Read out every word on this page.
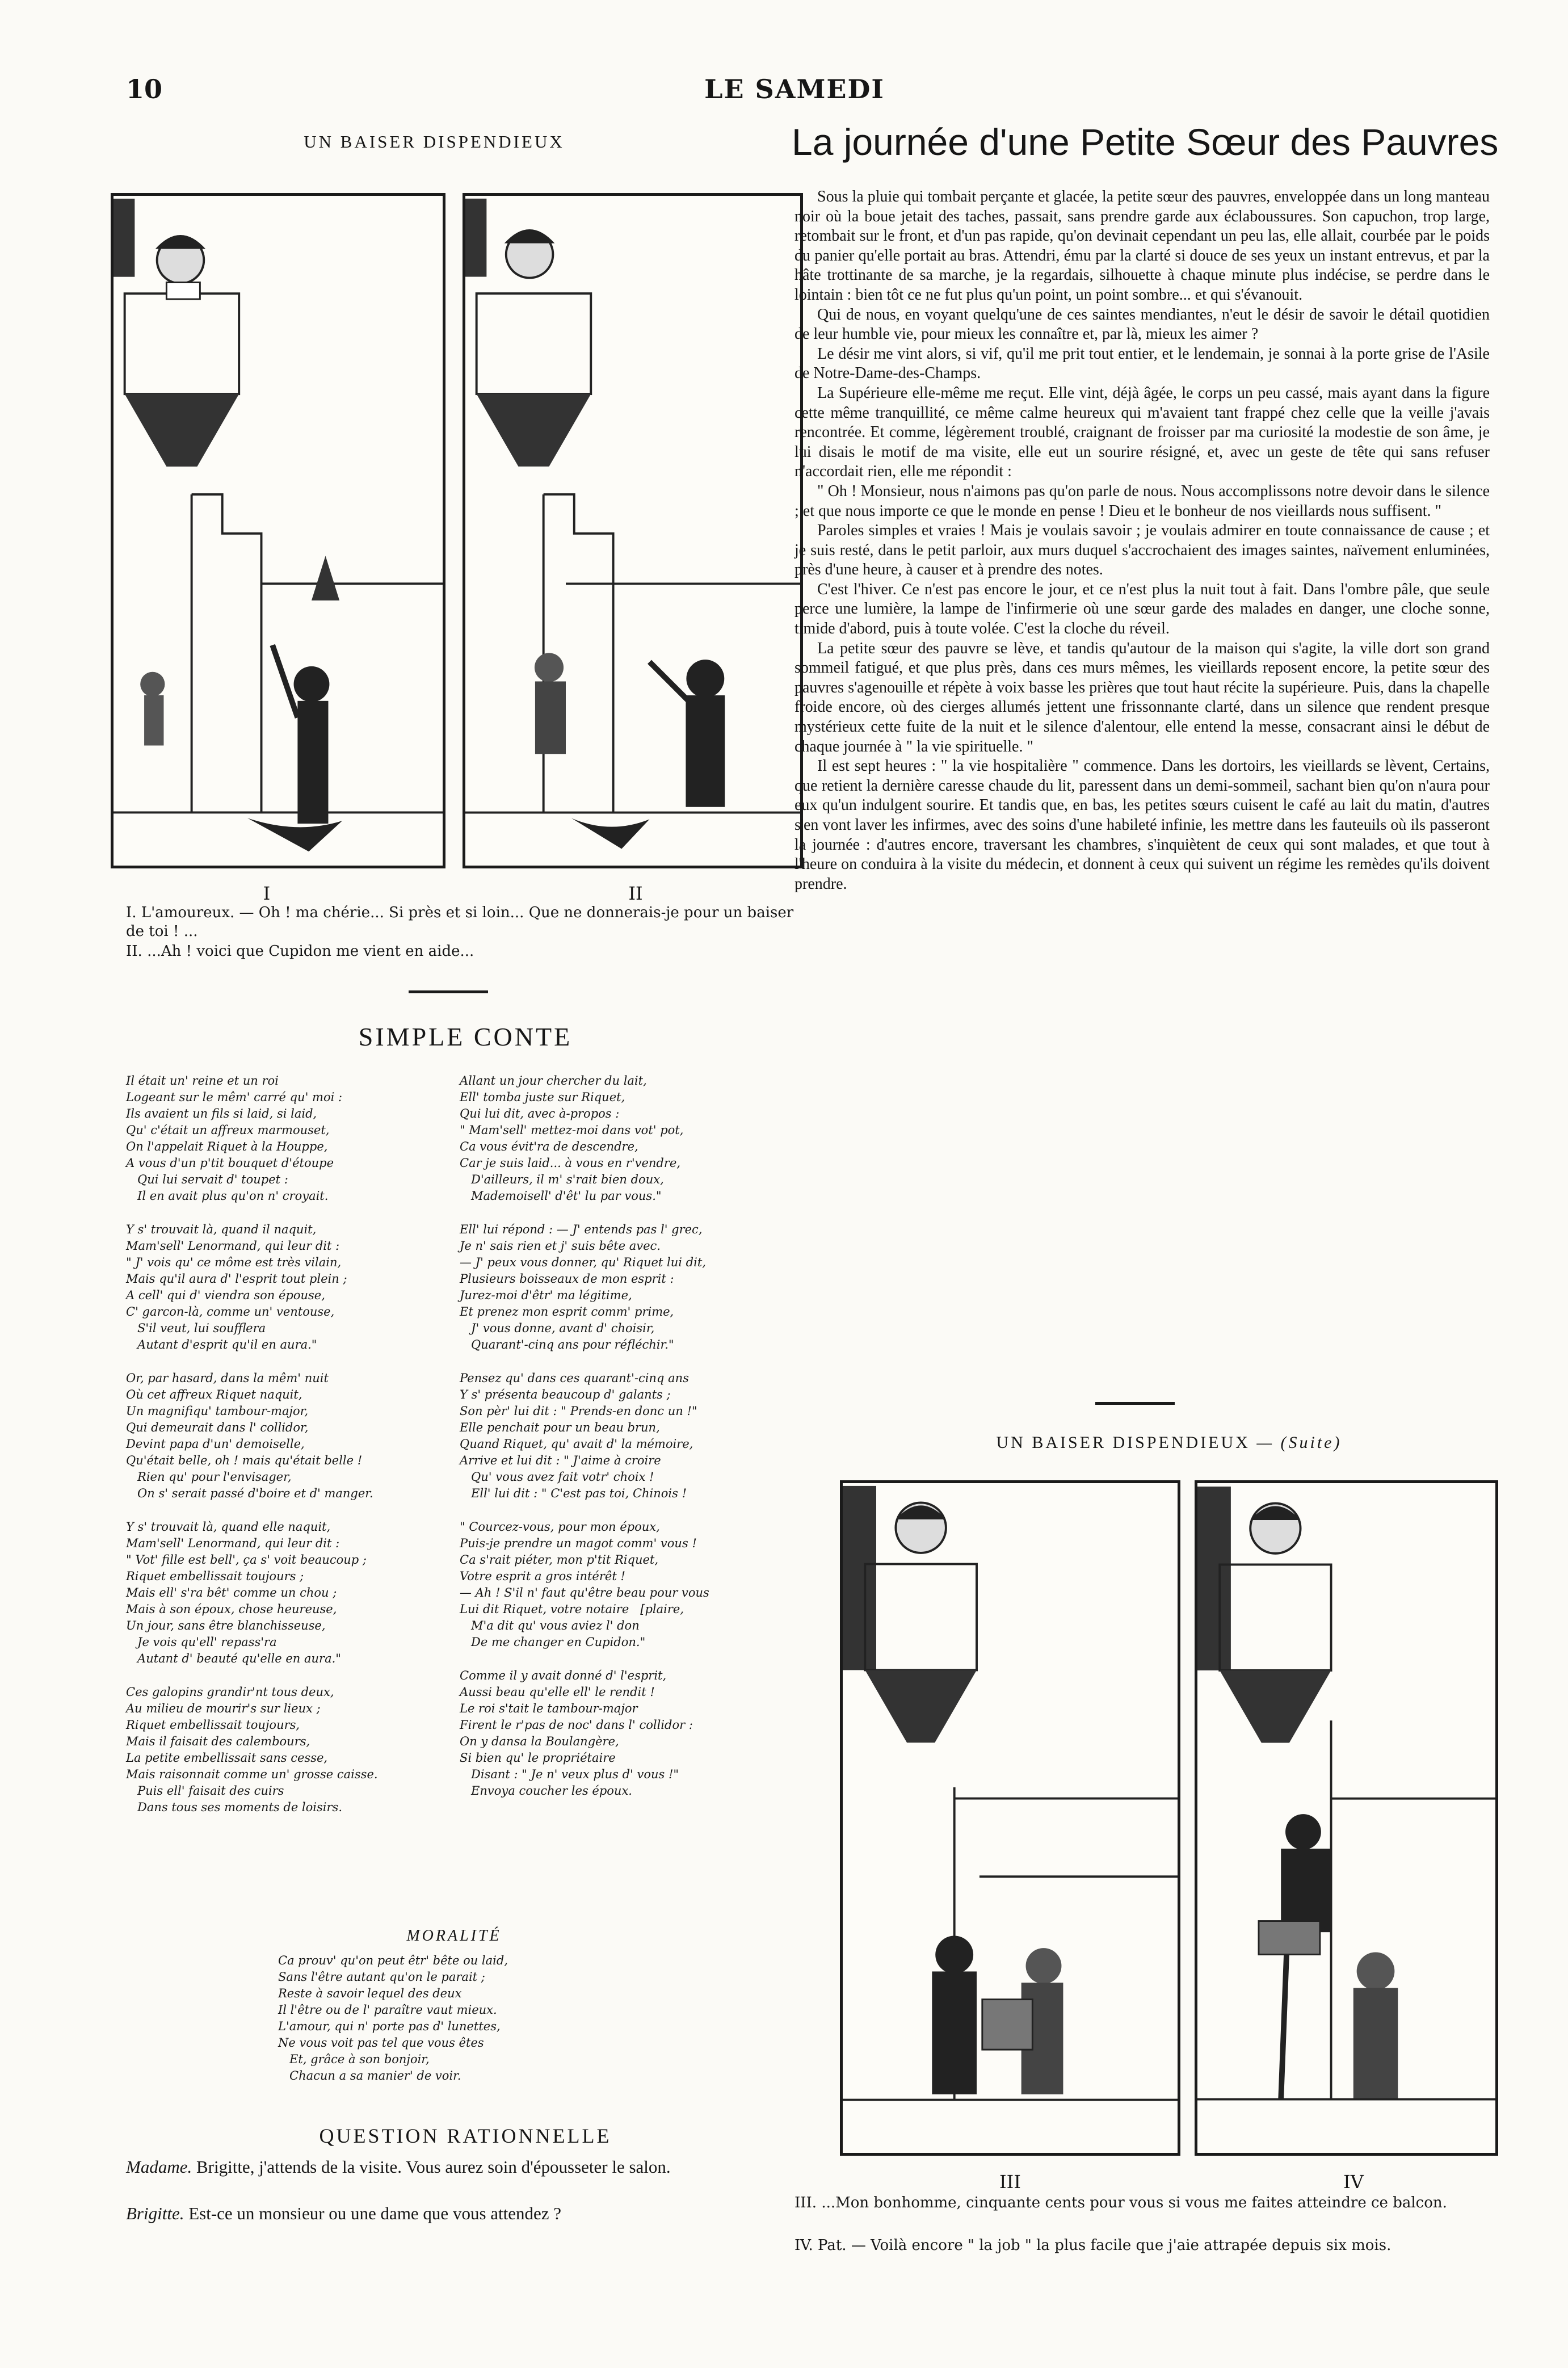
10	LE SAMEDI
UN BAISER DISPENDIEUX
I	II
I. L'amoureux. — Oh ! ma chérie... Si près et si loin... Que ne donnerais-je pour un baiser de toi ! ...
II. ...Ah ! voici que Cupidon me vient en aide...
SIMPLE CONTE
Il était un' reine et un roi
Logeant sur le mêm' carré qu' moi :
Ils avaient un fils si laid, si laid,
Qu' c'était un affreux marmouset,
On l'appelait Riquet à la Houppe,
A vous d'un p'tit bouquet d'étoupe
Qui lui servait d' toupet :
Il en avait plus qu'on n' croyait.
Y s' trouvait là, quand il naquit,
Mam'sell' Lenormand, qui leur dit :
" J' vois qu' ce môme est très vilain,
Mais qu'il aura d' l'esprit tout plein ;
A cell' qui d' viendra son épouse,
C' garcon-là, comme un' ventouse,
S'il veut, lui soufflera
Autant d'esprit qu'il en aura."
Or, par hasard, dans la mêm' nuit
Où cet affreux Riquet naquit,
Un magnifiqu' tambour-major,
Qui demeurait dans l' collidor,
Devint papa d'un' demoiselle,
Qu'était belle, oh ! mais qu'était belle !
Rien qu' pour l'envisager,
On s' serait passé d'boire et d' manger.
Y s' trouvait là, quand elle naquit,
Mam'sell' Lenormand, qui leur dit :
" Vot' fille est bell', ça s' voit beaucoup ;
Riquet embellissait toujours ;
Mais ell' s'ra bêt' comme un chou ;
Mais à son époux, chose heureuse,
Un jour, sans être blanchisseuse,
Je vois qu'ell' repass'ra
Autant d' beauté qu'elle en aura."
Ces galopins grandir'nt tous deux,
Au milieu de mourir's sur lieux ;
Riquet embellissait toujours,
Mais il faisait des calembours,
La petite embellissait sans cesse,
Mais raisonnait comme un' grosse caisse.
Puis ell' faisait des cuirs
Dans tous ses moments de loisirs.
Allant un jour chercher du lait,
Ell' tomba juste sur Riquet,
Qui lui dit, avec à-propos :
" Mam'sell' mettez-moi dans vot' pot,
Ca vous évit'ra de descendre,
Car je suis laid... à vous en r'vendre,
D'ailleurs, il m' s'rait bien doux,
Mademoisell' d'êt' lu par vous."
Ell' lui répond : — J' entends pas l' grec,
Je n' sais rien et j' suis bête avec.
— J' peux vous donner, qu' Riquet lui dit,
Plusieurs boisseaux de mon esprit :
Jurez-moi d'êtr' ma légitime,
Et prenez mon esprit comm' prime,
J' vous donne, avant d' choisir,
Quarant'-cinq ans pour réfléchir."
Pensez qu' dans ces quarant'-cinq ans
Y s' présenta beaucoup d' galants ;
Son pèr' lui dit : " Prends-en donc un !"
Elle penchait pour un beau brun,
Quand Riquet, qu' avait d' la mémoire,
Arrive et lui dit : " J'aime à croire
Qu' vous avez fait votr' choix !
Ell' lui dit : " C'est pas toi, Chinois !
" Courcez-vous, pour mon époux,
Puis-je prendre un magot comm' vous !
Ca s'rait piéter, mon p'tit Riquet,
Votre esprit a gros intérêt !
— Ah ! S'il n' faut qu'être beau pour vous
Lui dit Riquet, votre notaire   [plaire,
M'a dit qu' vous aviez l' don
De me changer en Cupidon."
Comme il y avait donné d' l'esprit,
Aussi beau qu'elle ell' le rendit !
Le roi s'tait le tambour-major
Firent le r'pas de noc' dans l' collidor :
On y dansa la Boulangère,
Si bien qu' le propriétaire
Disant : " Je n' veux plus d' vous !"
Envoya coucher les époux.
MORALITÉ
Ca prouv' qu'on peut êtr' bête ou laid,
Sans l'être autant qu'on le parait ;
Reste à savoir lequel des deux
Il l'être ou de l' paraître vaut mieux.
L'amour, qui n' porte pas d' lunettes,
Ne vous voit pas tel que vous êtes
Et, grâce à son bonjoir,
Chacun a sa manier' de voir.
QUESTION RATIONNELLE
Madame. Brigitte, j'attends de la visite. Vous aurez soin d'épousseter le salon.
Brigitte. Est-ce un monsieur ou une dame que vous attendez ?
La journée d'une Petite Sœur des Pauvres

Sous la pluie qui tombait perçante et glacée, la petite sœur des pauvres, enveloppée dans un long manteau noir où la boue jetait des taches, passait, sans prendre garde aux éclaboussures. Son capuchon, trop large, retombait sur le front, et d'un pas rapide, qu'on devinait cependant un peu las, elle allait, courbée par le poids du panier qu'elle portait au bras. Attendri, ému par la clarté si douce de ses yeux un instant entrevus, et par la hâte trottinante de sa marche, je la regardais, silhouette à chaque minute plus indécise, se perdre dans le lointain : bien tôt ce ne fut plus qu'un point, un point sombre... et qui s'évanouit.

Qui de nous, en voyant quelqu'une de ces saintes mendiantes, n'eut le désir de savoir le détail quotidien de leur humble vie, pour mieux les connaître et, par là, mieux les aimer ?

Le désir me vint alors, si vif, qu'il me prit tout entier, et le lendemain, je sonnai à la porte grise de l'Asile de Notre-Dame-des-Champs.

La Supérieure elle-même me reçut. Elle vint, déjà âgée, le corps un peu cassé, mais ayant dans la figure cette même tranquillité, ce même calme heureux qui m'avaient tant frappé chez celle que la veille j'avais rencontrée. Et comme, légèrement troublé, craignant de froisser par ma curiosité la modestie de son âme, je lui disais le motif de ma visite, elle eut un sourire résigné, et, avec un geste de tête qui sans refuser n'accordait rien, elle me répondit :

" Oh ! Monsieur, nous n'aimons pas qu'on parle de nous. Nous accomplissons notre devoir dans le silence ; et que nous importe ce que le monde en pense ! Dieu et le bonheur de nos vieillards nous suffisent. "

Paroles simples et vraies ! Mais je voulais savoir ; je voulais admirer en toute connaissance de cause ; et je suis resté, dans le petit parloir, aux murs duquel s'accrochaient des images saintes, naïvement enluminées, près d'une heure, à causer et à prendre des notes.

C'est l'hiver. Ce n'est pas encore le jour, et ce n'est plus la nuit tout à fait. Dans l'ombre pâle, que seule perce une lumière, la lampe de l'infirmerie où une sœur garde des malades en danger, une cloche sonne, timide d'abord, puis à toute volée. C'est la cloche du réveil.

La petite sœur des pauvre se lève, et tandis qu'autour de la maison qui s'agite, la ville dort son grand sommeil fatigué, et que plus près, dans ces murs mêmes, les vieillards reposent encore, la petite sœur des pauvres s'agenouille et répète à voix basse les prières que tout haut récite la supérieure. Puis, dans la chapelle froide encore, où des cierges allumés jettent une frissonnante clarté, dans un silence que rendent presque mystérieux cette fuite de la nuit et le silence d'alentour, elle entend la messe, consacrant ainsi le début de chaque journée à " la vie spirituelle. "

Il est sept heures : " la vie hospitalière " commence. Dans les dortoirs, les vieillards se lèvent, Certains, que retient la dernière caresse chaude du lit, paressent dans un demi-sommeil, sachant bien qu'on n'aura pour eux qu'un indulgent sourire. Et tandis que, en bas, les petites sœurs cuisent le café au lait du matin, d'autres s'en vont laver les infirmes, avec des soins d'une habileté infinie, les mettre dans les fauteuils où ils passeront la journée : d'autres encore, traversant les chambres, s'inquiètent de ceux qui sont malades, et que tout à l'heure on conduira à la visite du médecin, et donnent à ceux qui suivent un régime les remèdes qu'ils doivent prendre.

UN BAISER DISPENDIEUX — (Suite)
III	IV
III. ...Mon bonhomme, cinquante cents pour vous si vous me faites atteindre ce balcon.
IV. Pat. — Voilà encore " la job " la plus facile que j'aie attrapée depuis six mois.
